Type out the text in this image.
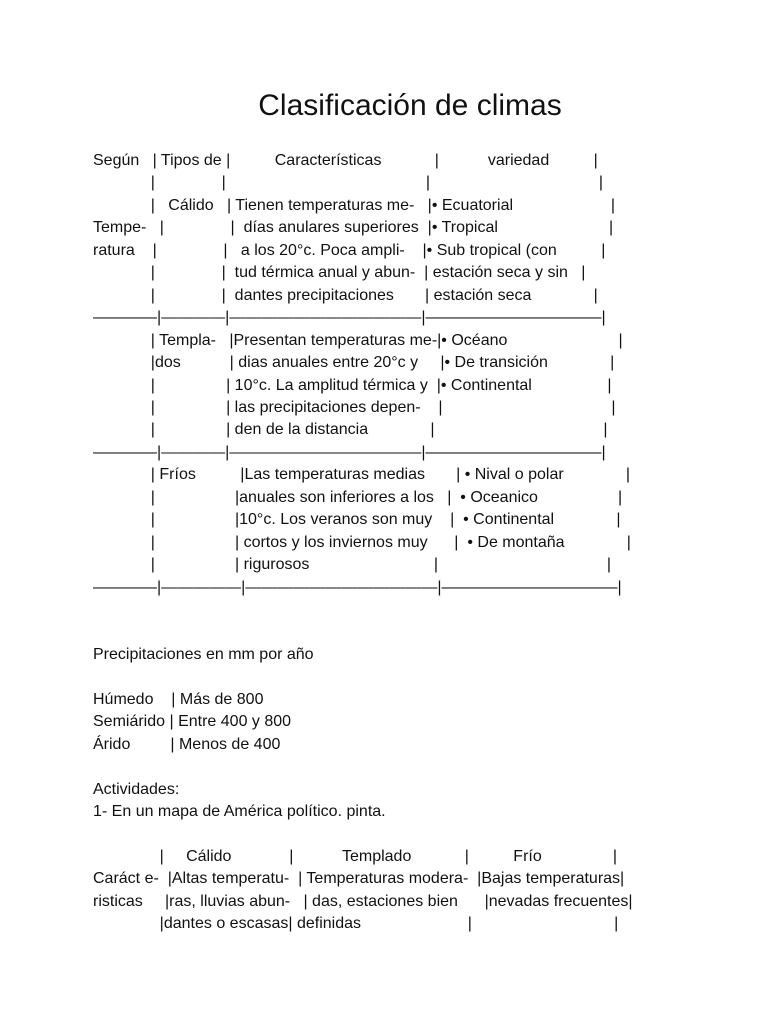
Clasificación de climas

Según   | Tipos de |          Características            |           variedad          |

|               |                                             |                                      |

|   Cálido   | Tienen temperaturas me-   |• Ecuatorial                      |

Tempe-   |               |  días anulares superiores  |• Tropical                         |

ratura    |               |   a los 20°c. Poca ampli-    |• Sub tropical (con          |

|               |  tud térmica anual y abun-  | estación seca y sin   |

|               |  dantes precipitaciones       | estación seca              |

————|————|————————————|———————————|

| Templa-   |Presentan temperaturas me-|• Océano                         |

|dos           | dias anuales entre 20°c y     |• De transición              |

|                | 10°c. La amplitud térmica y  |• Continental                 |

|                | las precipitaciones depen-    |                                      |

|                | den de la distancia              |                                      |

————|————|————————————|———————————|

| Fríos          |Las temperaturas medias       | • Nival o polar              |

|                  |anuales son inferiores a los   |  • Oceanico                  |

|                  |10°c. Los veranos son muy    |  • Continental              |

|                  | cortos y los inviernos muy      |  • De montaña              |

|                  | rigurosos                            |                                      |

————|—————|————————————|———————————|

Precipitaciones en mm por año

Húmedo    | Más de 800

Semiárido | Entre 400 y 800

Árido         | Menos de 400

Actividades:

1- En un mapa de América político. pinta.

|     Cálido             |           Templado            |          Frío                |

Caráct e-  |Altas temperatu-  | Temperaturas modera-  |Bajas temperaturas|

risticas     |ras, lluvias abun-   | das, estaciones bien      |nevadas frecuentes|

|dantes o escasas| definidas                        |                                |
